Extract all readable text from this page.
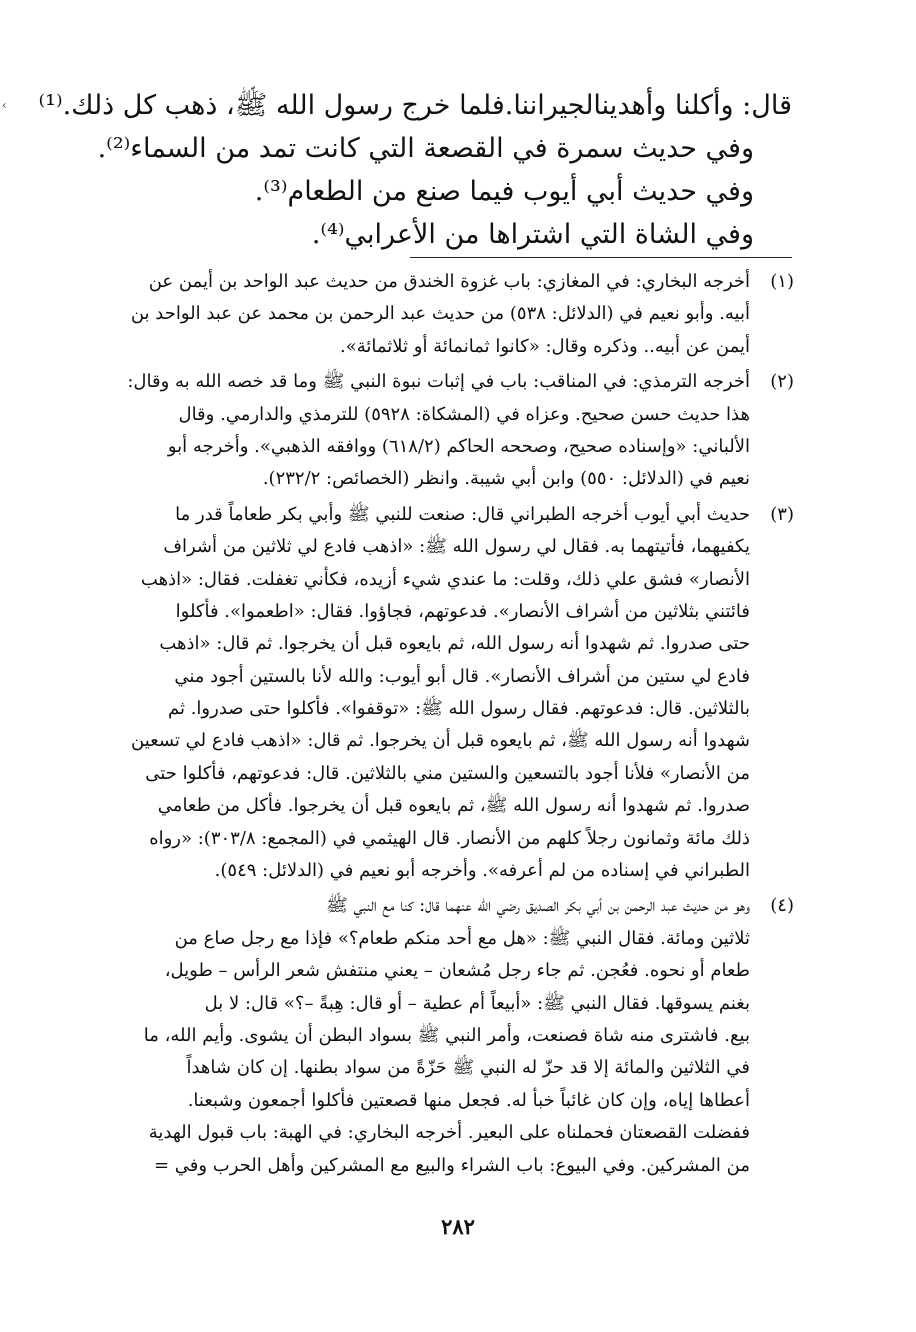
‹ قال: وأكلنا وأهدينالجيراننا.فلما خرج رسول الله ﷺ، ذهب كل ذلك.⁽¹⁾
وفي حديث سمرة في القصعة التي كانت تمد من السماء⁽²⁾.
وفي حديث أبي أيوب فيما صنع من الطعام⁽³⁾.
وفي الشاة التي اشتراها من الأعرابي⁽⁴⁾.
(١)
أخرجه البخاري: في المغازي: باب غزوة الخندق من حديث عبد الواحد بن أيمن عن
أبيه. وأبو نعيم في (الدلائل: ٥٣٨) من حديث عبد الرحمن بن محمد عن عبد الواحد بن
أيمن عن أبيه.. وذكره وقال: «كانوا ثمانمائة أو ثلاثمائة».
(٢)
أخرجه الترمذي: في المناقب: باب في إثبات نبوة النبي ﷺ وما قد خصه الله به وقال:
هذا حديث حسن صحيح. وعزاه في (المشكاة: ٥٩٢٨) للترمذي والدارمي. وقال
الألباني: «وإسناده صحيح، وصححه الحاكم (٦١٨/٢) ووافقه الذهبي». وأخرجه أبو
نعيم في (الدلائل: ٥٥٠) وابن أبي شيبة. وانظر (الخصائص: ٢٣٢/٢).
(٣)
حديث أبي أيوب أخرجه الطبراني قال: صنعت للنبي ﷺ وأبي بكر طعاماً قدر ما
يكفيهما، فأتيتهما به. فقال لي رسول الله ﷺ: «اذهب فادع لي ثلاثين من أشراف
الأنصار» فشق علي ذلك، وقلت: ما عندي شيء أزيده، فكأني تغفلت. فقال: «اذهب
فائتني بثلاثين من أشراف الأنصار». فدعوتهم، فجاؤوا. فقال: «اطعموا». فأكلوا
حتى صدروا. ثم شهدوا أنه رسول الله، ثم بايعوه قبل أن يخرجوا. ثم قال: «اذهب
فادع لي ستين من أشراف الأنصار». قال أبو أيوب: والله لأنا بالستين أجود مني
بالثلاثين. قال: فدعوتهم. فقال رسول الله ﷺ: «توقفوا». فأكلوا حتى صدروا. ثم
شهدوا أنه رسول الله ﷺ، ثم بايعوه قبل أن يخرجوا. ثم قال: «اذهب فادع لي تسعين
من الأنصار» فلأنا أجود بالتسعين والستين مني بالثلاثين. قال: فدعوتهم، فأكلوا حتى
صدروا. ثم شهدوا أنه رسول الله ﷺ، ثم بايعوه قبل أن يخرجوا. فأكل من طعامي
ذلك مائة وثمانون رجلاً كلهم من الأنصار. قال الهيثمي في (المجمع: ٣٠٣/٨): «رواه
الطبراني في إسناده من لم أعرفه». وأخرجه أبو نعيم في (الدلائل: ٥٤٩).
(٤)
وهو من حديث عبد الرحمن بن أبي بكر الصديق رضي الله عنهما قال: كنا مع النبي ﷺ
ثلاثين ومائة. فقال النبي ﷺ: «هل مع أحد منكم طعام؟» فإذا مع رجل صاع من
طعام أو نحوه. فعُجن. ثم جاء رجل مُشعان – يعني منتفش شعر الرأس – طويل،
بغنم يسوقها. فقال النبي ﷺ: «أبيعاً أم عطية – أو قال: هِبةً –؟» قال: لا بل
بيع. فاشترى منه شاة فصنعت، وأمر النبي ﷺ بسواد البطن أن يشوى. وأيم الله، ما
في الثلاثين والمائة إلا قد حزّ له النبي ﷺ حَزّةً من سواد بطنها. إن كان شاهداً
أعطاها إياه، وإن كان غائباً خبأ له. فجعل منها قصعتين فأكلوا أجمعون وشبعنا.
ففضلت القصعتان فحملناه على البعير. أخرجه البخاري: في الهبة: باب قبول الهدية
من المشركين. وفي البيوع: باب الشراء والبيع مع المشركين وأهل الحرب وفي =
٢٨٢
